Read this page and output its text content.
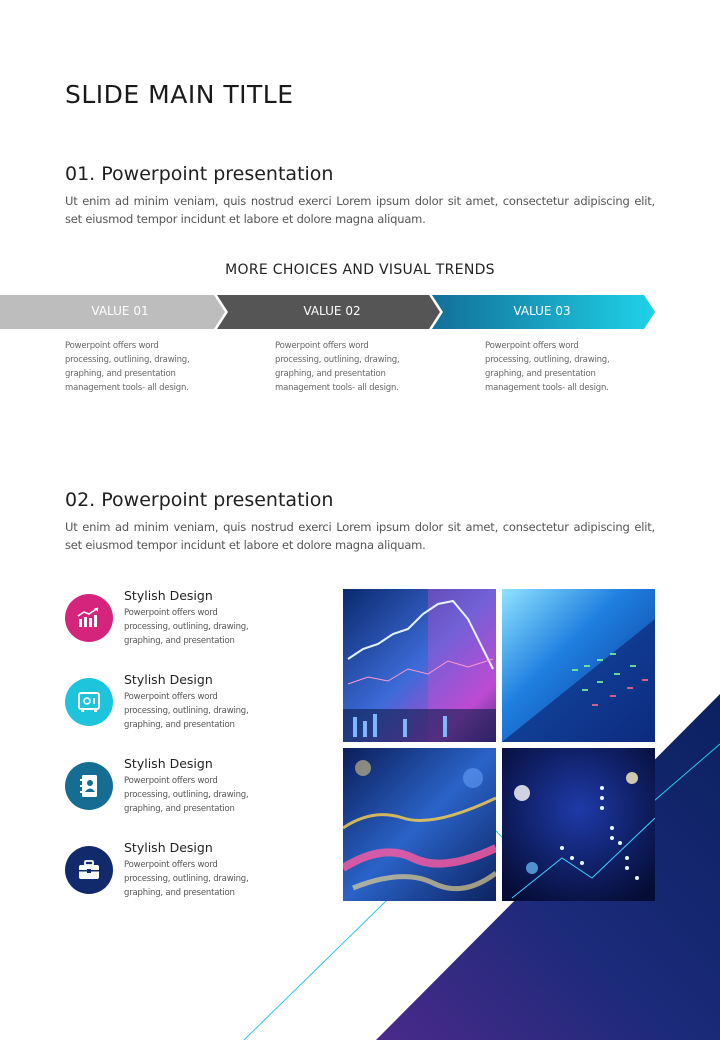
SLIDE MAIN TITLE
01. Powerpoint presentation
Ut enim ad minim veniam, quis nostrud exerci Lorem ipsum dolor sit amet, consectetur adipiscing elit, set eiusmod tempor incidunt et labore et dolore magna aliquam.
MORE CHOICES AND VISUAL TRENDS
VALUE 01	VALUE 02	VALUE 03
Powerpoint offers word processing, outlining, drawing, graphing, and presentation management tools- all design.
Powerpoint offers word processing, outlining, drawing, graphing, and presentation management tools- all design.
Powerpoint offers word processing, outlining, drawing, graphing, and presentation management tools- all design.
02. Powerpoint presentation
Ut enim ad minim veniam, quis nostrud exerci Lorem ipsum dolor sit amet, consectetur adipiscing elit, set eiusmod tempor incidunt et labore et dolore magna aliquam.
Stylish Design
Powerpoint offers word processing, outlining, drawing, graphing, and presentation
Stylish Design
Powerpoint offers word processing, outlining, drawing, graphing, and presentation
Stylish Design
Powerpoint offers word processing, outlining, drawing, graphing, and presentation
Stylish Design
Powerpoint offers word processing, outlining, drawing, graphing, and presentation
